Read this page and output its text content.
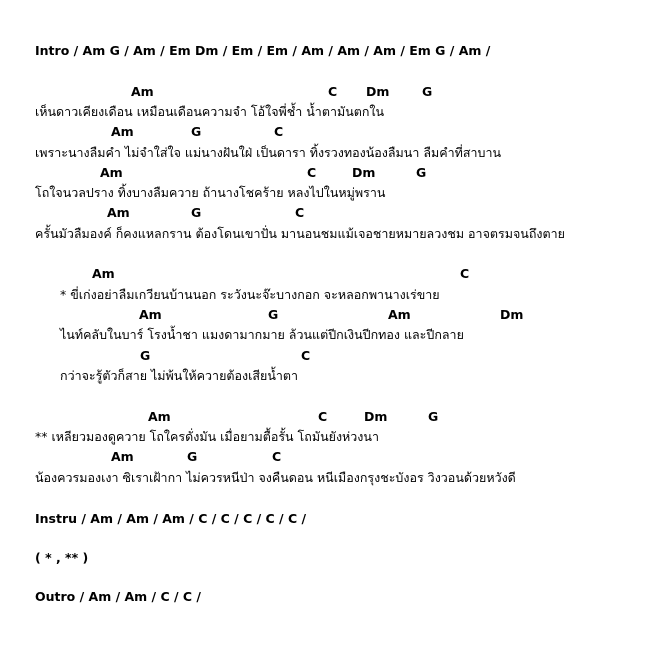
Intro / Am G / Am / Em Dm / Em / Em / Am / Am / Am / Em G / Am /
Am	C Dm	G
เห็นดาวเคียงเดือน เหมือนเดือนความจำ โอ้ใจพี่ช้ำ น้ำตามันตกใน
Am	G	C
เพราะนางลืมคำ ไม่จำใส่ใจ แม่นางฝันใฝ่ เป็นดารา ทิ้งรวงทองน้องลืมนา ลืมคำที่สาบาน
Am	C	Dm	G
โถใจนวลปราง ทิ้งบางลืมควาย ถ้านางโชคร้าย หลงไปในหมู่พราน
Am	G	C
ครั้นมัวลืมองค์ ก็คงแหลกราน ต้องโดนเขาปั่น มานอนชมแม้เจอชายหมายลวงชม อาจตรมจนถึงตาย
Am	C
* ขี่เก่งอย่าลืมเกวียนบ้านนอก ระวังนะจ๊ะบางกอก จะหลอกพานางเร่ขาย
Am	G	Am	Dm
ไนท์คลับในบาร์ โรงน้ำชา แมงดามากมาย ล้วนแต่ปีกเงินปีกทอง และปีกลาย
G	C
กว่าจะรู้ตัวก็สาย ไม่พ้นให้ควายต้องเสียน้ำตา
Am	C	Dm	G
** เหลียวมองดูควาย โถใครดั่งมัน เมื่อยามตื้อรั้น โถมันยังห่วงนา
Am	G	C
น้องควรมองเงา ซิเราเฝ้ากา ไม่ควรหนีป่า จงคืนดอน หนีเมืองกรุงชะบังอร วิงวอนด้วยหวังดี
Instru / Am / Am / Am / C / C / C / C / C /
( * , ** )
Outro / Am / Am / C / C /
